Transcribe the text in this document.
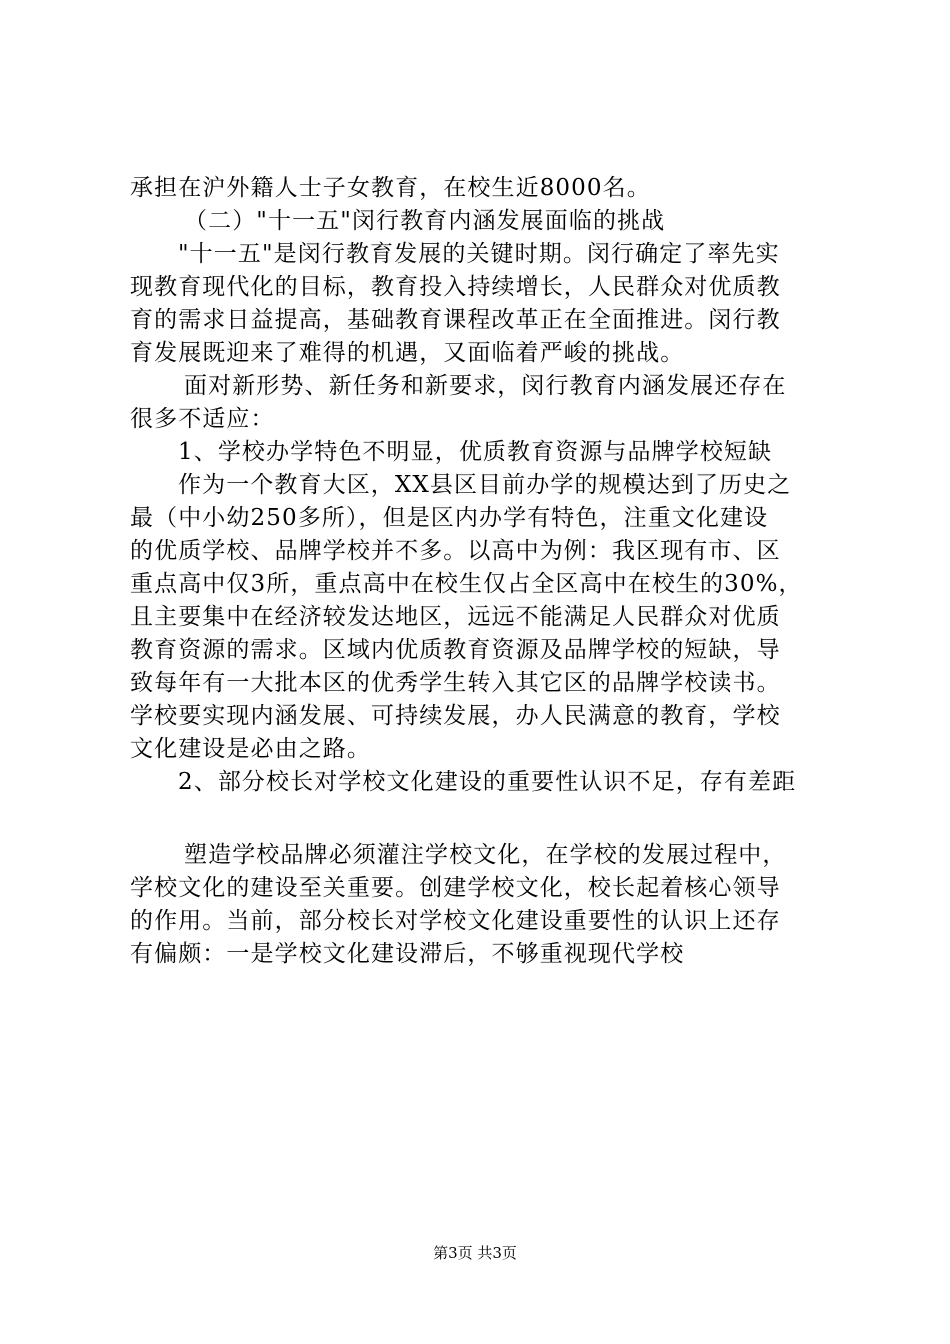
承担在沪外籍人士子女教育，在校生近8000名。
（二）"十一五"闵行教育内涵发展面临的挑战
"十一五"是闵行教育发展的关键时期。闵行确定了率先实
现教育现代化的目标，教育投入持续增长，人民群众对优质教
育的需求日益提高，基础教育课程改革正在全面推进。闵行教
育发展既迎来了难得的机遇，又面临着严峻的挑战。
面对新形势、新任务和新要求，闵行教育内涵发展还存在
很多不适应：
1、学校办学特色不明显，优质教育资源与品牌学校短缺
作为一个教育大区，XX县区目前办学的规模达到了历史之
最（中小幼250多所），但是区内办学有特色，注重文化建设
的优质学校、品牌学校并不多。以高中为例：我区现有市、区
重点高中仅3所，重点高中在校生仅占全区高中在校生的30%，
且主要集中在经济较发达地区，远远不能满足人民群众对优质
教育资源的需求。区域内优质教育资源及品牌学校的短缺，导
致每年有一大批本区的优秀学生转入其它区的品牌学校读书。
学校要实现内涵发展、可持续发展，办人民满意的教育，学校
文化建设是必由之路。
2、部分校长对学校文化建设的重要性认识不足，存有差距
塑造学校品牌必须灌注学校文化，在学校的发展过程中，
学校文化的建设至关重要。创建学校文化，校长起着核心领导
的作用。当前，部分校长对学校文化建设重要性的认识上还存
有偏颇：一是学校文化建设滞后，不够重视现代学校
第3页 共3页
